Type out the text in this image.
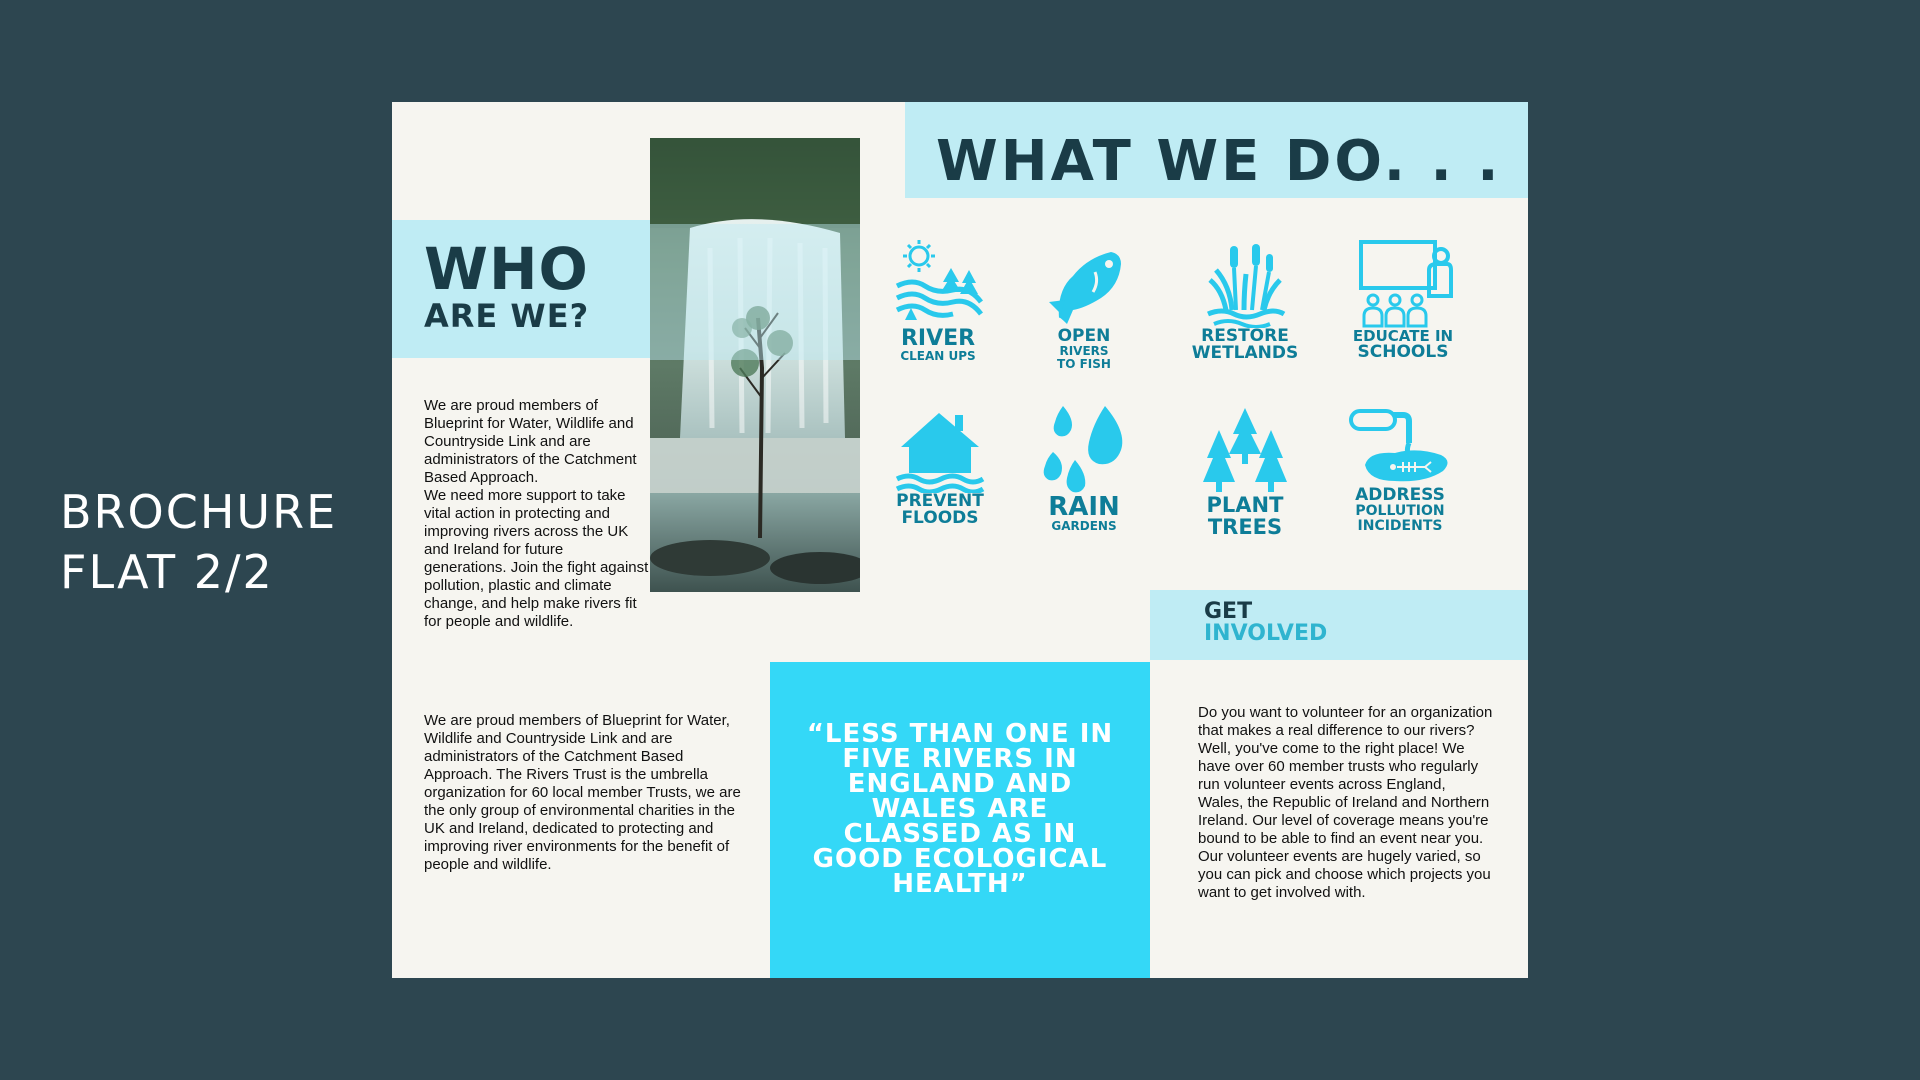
BROCHURE
FLAT 2/2
WHO
ARE WE?
We are proud members of Blueprint for Water, Wildlife and Countryside Link and are administrators of the Catchment Based Approach.
We need more support to take vital action in protecting and improving rivers across the UK and Ireland for future generations. Join the fight against pollution, plastic and climate change, and help make rivers fit for people and wildlife.
We are proud members of Blueprint for Water, Wildlife and Countryside Link and are administrators of the Catchment Based Approach. The Rivers Trust is the umbrella organization for 60 local member Trusts, we are the only group of environmental charities in the UK and Ireland, dedicated to protecting and improving river environments for the benefit of people and wildlife.
WHAT WE DO. . .
RIVER
CLEAN UPS
OPEN
RIVERS
TO FISH
RESTORE
WETLANDS
EDUCATE IN
SCHOOLS
PREVENT
FLOODS	RAIN
GARDENS
PLANT
TREES
ADDRESS
POLLUTION
INCIDENTS
GET
INVOLVED
“LESS THAN ONE IN FIVE RIVERS IN ENGLAND AND WALES ARE CLASSED AS IN GOOD ECOLOGICAL HEALTH”
Do you want to volunteer for an organization that makes a real difference to our rivers? Well, you've come to the right place! We have over 60 member trusts who regularly run volunteer events across England, Wales, the Republic of Ireland and Northern Ireland. Our level of coverage means you're bound to be able to find an event near you.
Our volunteer events are hugely varied, so you can pick and choose which projects you want to get involved with.
